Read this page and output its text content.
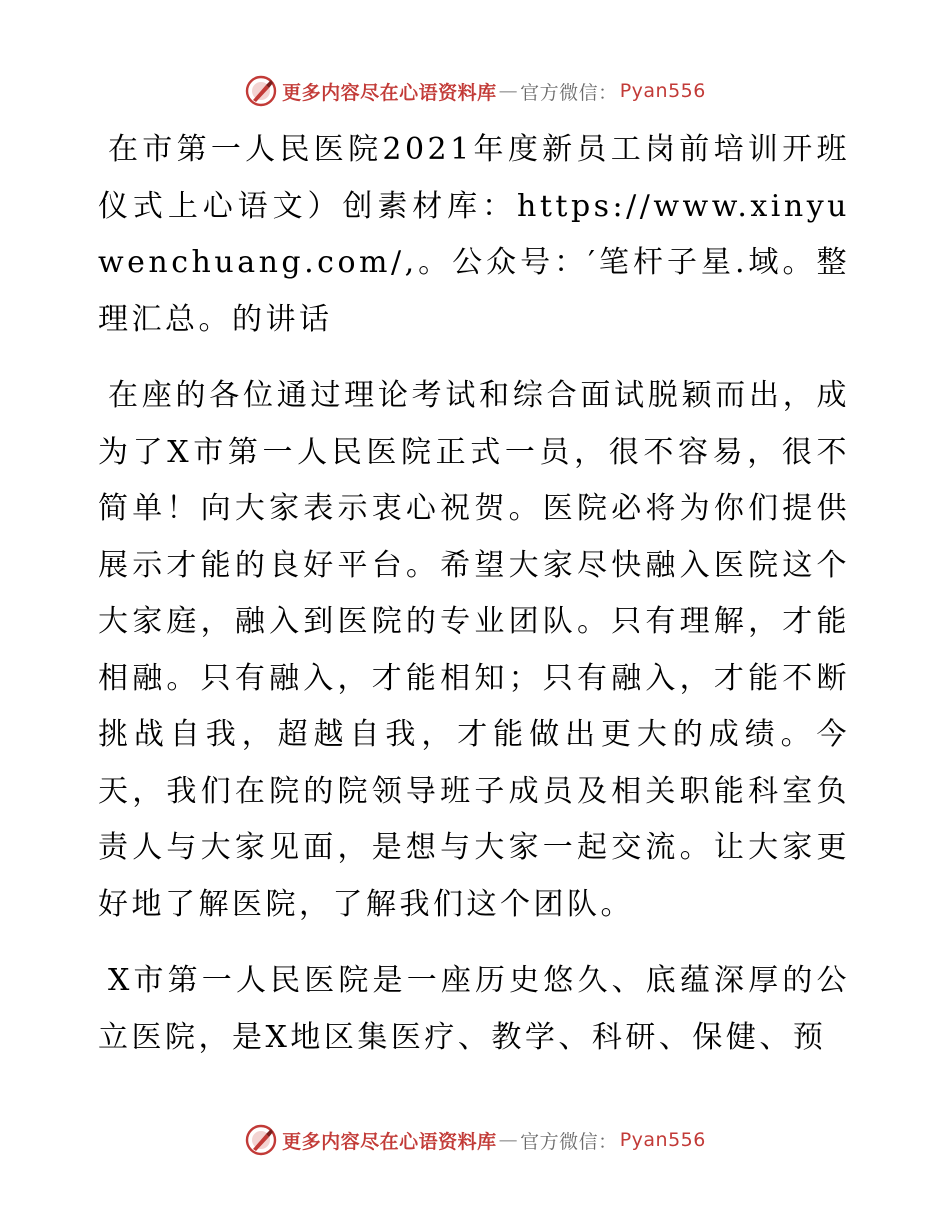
更多内容尽在心语资料库 — 官方微信： Pyan556

在市第一人民医院2021年度新员工岗前培训开班仪式上心语文）创素材库：https://www.xinyuwenchuang.com/,。公众号：′笔杆子星.域。整理汇总。的讲话

在座的各位通过理论考试和综合面试脱颖而出，成为了X市第一人民医院正式一员，很不容易，很不简单！向大家表示衷心祝贺。医院必将为你们提供展示才能的良好平台。希望大家尽快融入医院这个大家庭，融入到医院的专业团队。只有理解，才能相融。只有融入，才能相知；只有融入，才能不断挑战自我，超越自我，才能做出更大的成绩。今天，我们在院的院领导班子成员及相关职能科室负责人与大家见面，是想与大家一起交流。让大家更好地了解医院，了解我们这个团队。

X市第一人民医院是一座历史悠久、底蕴深厚的公立医院，是X地区集医疗、教学、科研、保健、预

更多内容尽在心语资料库 — 官方微信： Pyan556
